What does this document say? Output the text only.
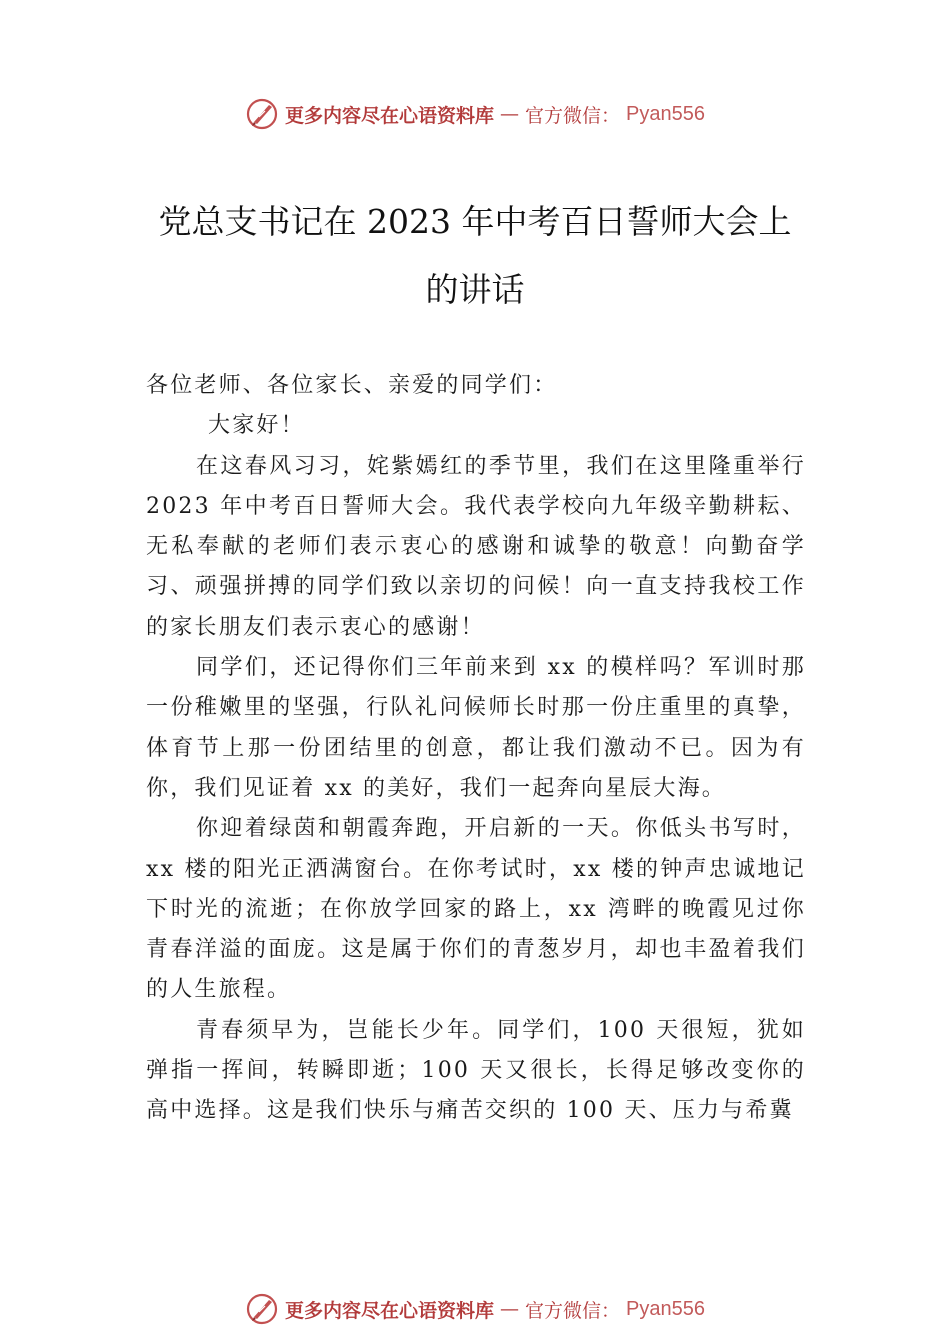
更多内容尽在心语资料库 — 官方微信： Pyan556
党总支书记在 2023 年中考百日誓师大会上
的讲话

各位老师、各位家长、亲爱的同学们：

大家好！

在这春风习习，姹紫嫣红的季节里，我们在这里隆重举行 2023 年中考百日誓师大会。我代表学校向九年级辛勤耕耘、无私奉献的老师们表示衷心的感谢和诚挚的敬意！向勤奋学习、顽强拼搏的同学们致以亲切的问候！向一直支持我校工作的家长朋友们表示衷心的感谢！

同学们，还记得你们三年前来到 xx 的模样吗？军训时那一份稚嫩里的坚强，行队礼问候师长时那一份庄重里的真挚，体育节上那一份团结里的创意，都让我们激动不已。因为有你，我们见证着 xx 的美好，我们一起奔向星辰大海。

你迎着绿茵和朝霞奔跑，开启新的一天。你低头书写时，xx 楼的阳光正洒满窗台。在你考试时，xx 楼的钟声忠诚地记下时光的流逝；在你放学回家的路上，xx 湾畔的晚霞见过你青春洋溢的面庞。这是属于你们的青葱岁月，却也丰盈着我们的人生旅程。

青春须早为，岂能长少年。同学们，100 天很短，犹如弹指一挥间，转瞬即逝；100 天又很长，长得足够改变你的高中选择。这是我们快乐与痛苦交织的 100 天、压力与希冀

更多内容尽在心语资料库 — 官方微信： Pyan556
